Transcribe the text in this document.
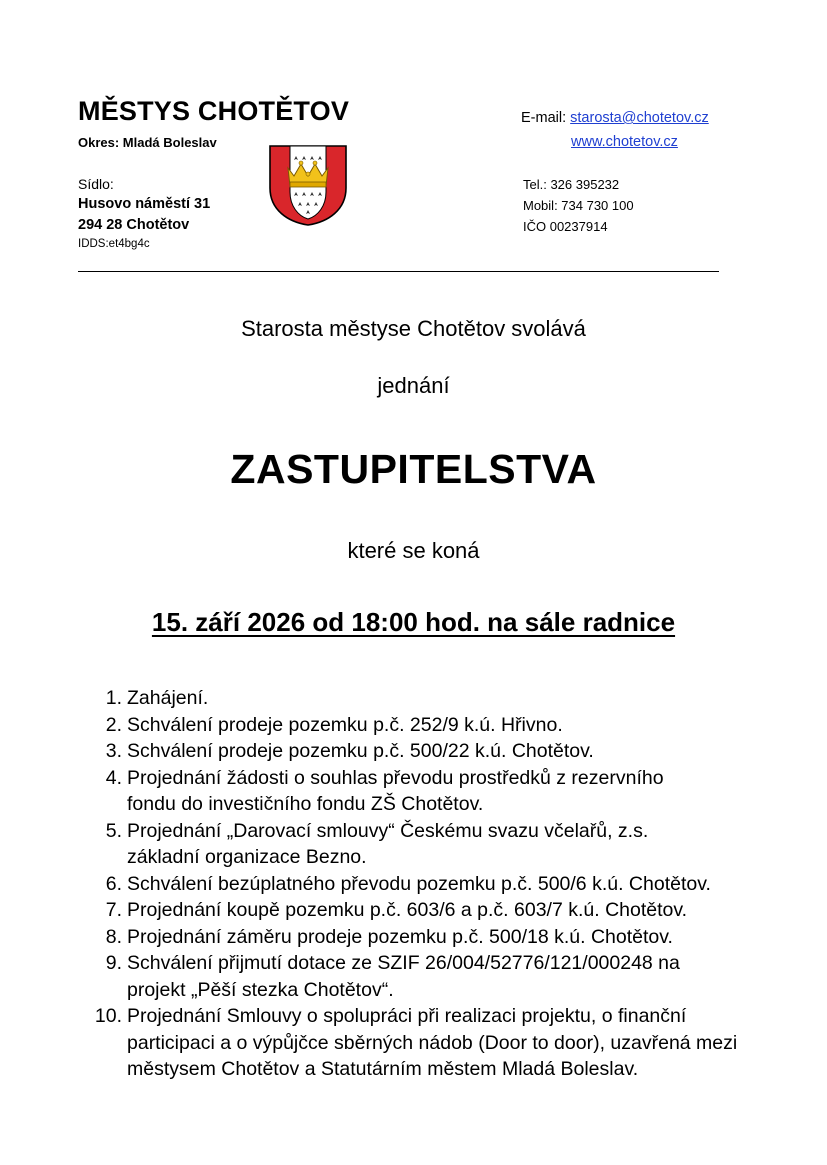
MĚSTYS CHOTĚTOV
Okres: Mladá Boleslav
Sídlo:
Husovo náměstí 31
294 28 Chotětov
IDDS:et4bg4c
E-mail: starosta@chotetov.cz
www.chotetov.cz
Tel.: 326 395232
Mobil: 734 730 100
IČO 00237914
Starosta městyse Chotětov svolává
jednání
ZASTUPITELSTVA
které se koná
15. září 2026 od 18:00 hod. na sále radnice
1. Zahájení.
2. Schválení prodeje pozemku p.č. 252/9 k.ú. Hřivno.
3. Schválení prodeje pozemku p.č. 500/22 k.ú. Chotětov.
4. Projednání žádosti o souhlas převodu prostředků z rezervního
fondu do investičního fondu ZŠ Chotětov.
5. Projednání „Darovací smlouvy“ Českému svazu včelařů, z.s.
základní organizace Bezno.
6. Schválení bezúplatného převodu pozemku p.č. 500/6 k.ú. Chotětov.
7. Projednání koupě pozemku p.č. 603/6 a p.č. 603/7 k.ú. Chotětov.
8. Projednání záměru prodeje pozemku p.č. 500/18 k.ú. Chotětov.
9. Schválení přijmutí dotace ze SZIF 26/004/52776/121/000248 na
projekt „Pěší stezka Chotětov“.
10. Projednání Smlouvy o spolupráci při realizaci projektu, o finanční
participaci a o výpůjčce sběrných nádob (Door to door), uzavřená mezi
městysem Chotětov a Statutárním městem Mladá Boleslav.
